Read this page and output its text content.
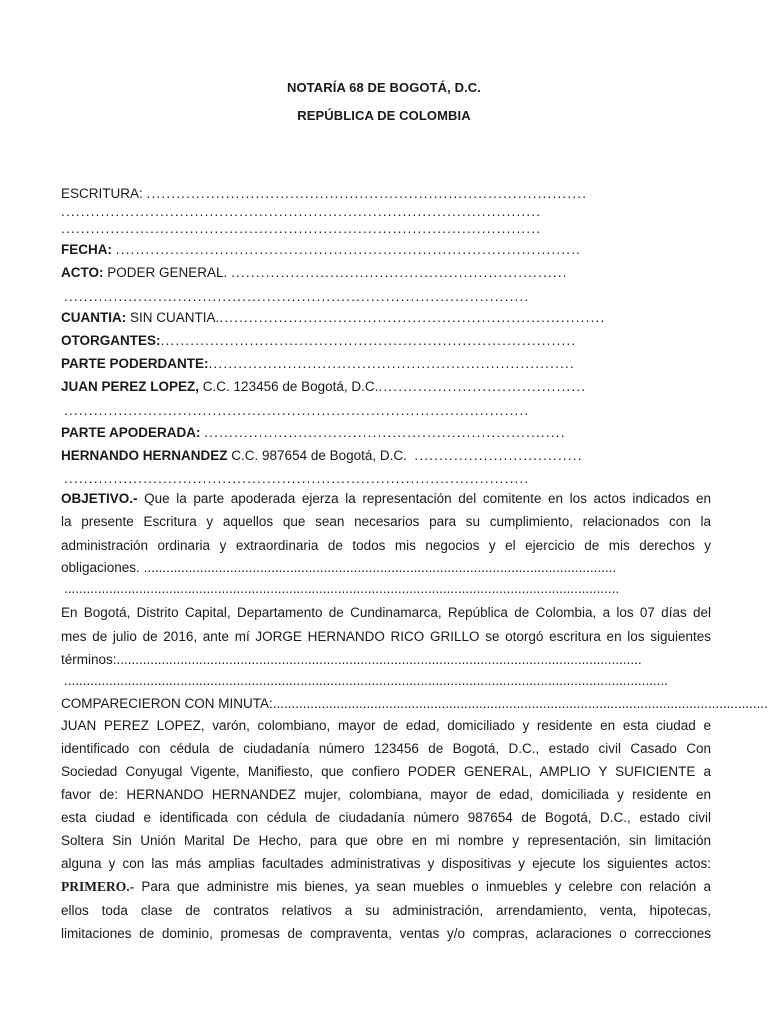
NOTARÍA 68 DE BOGOTÁ, D.C.
REPÚBLICA DE COLOMBIA
ESCRITURA: .........................................................................................
.................................................................................................
.................................................................................................
FECHA: ..............................................................................................
ACTO: PODER GENERAL. ....................................................................
..............................................................................................
CUANTIA: SIN CUANTIA...............................................................................
OTORGANTES:....................................................................................
PARTE PODERDANTE:..........................................................................
JUAN PEREZ LOPEZ, C.C. 123456 de Bogotá, D.C...........................................
..............................................................................................
PARTE APODERADA: .........................................................................
HERNANDO HERNANDEZ C.C. 987654 de Bogotá, D.C. ..................................
..............................................................................................
OBJETIVO.- Que la parte apoderada ejerza la representación del comitente en los actos indicados en
la presente Escritura y aquellos que sean necesarios para su cumplimiento, relacionados con la
administración ordinaria y extraordinaria de todos mis negocios y el ejercicio de mis derechos y
obligaciones. ..............................................................................................................................
....................................................................................................................................................
En Bogotá, Distrito Capital, Departamento de Cundinamarca, República de Colombia, a los 07 días del
mes de julio de 2016, ante mí JORGE HERNANDO RICO GRILLO se otorgó escritura en los siguientes
términos:............................................................................................................................................
.................................................................................................................................................................
COMPARECIERON CON MINUTA:....................................................................................................................................
JUAN PEREZ LOPEZ, varón, colombiano, mayor de edad, domiciliado y residente en esta ciudad e
identificado con cédula de ciudadanía número 123456 de Bogotá, D.C., estado civil Casado Con
Sociedad Conyugal Vigente, Manifiesto, que confiero PODER GENERAL, AMPLIO Y SUFICIENTE a
favor de: HERNANDO HERNANDEZ mujer, colombiana, mayor de edad, domiciliada y residente en
esta ciudad e identificada con cédula de ciudadanía número 987654 de Bogotá, D.C., estado civil
Soltera Sin Unión Marital De Hecho, para que obre en mi nombre y representación, sin limitación
alguna y con las más amplias facultades administrativas y dispositivas y ejecute los siguientes actos:
PRIMERO.- Para que administre mis bienes, ya sean muebles o inmuebles y celebre con relación a
ellos toda clase de contratos relativos a su administración, arrendamiento, venta, hipotecas,
limitaciones de dominio, promesas de compraventa, ventas y/o compras, aclaraciones o correcciones
